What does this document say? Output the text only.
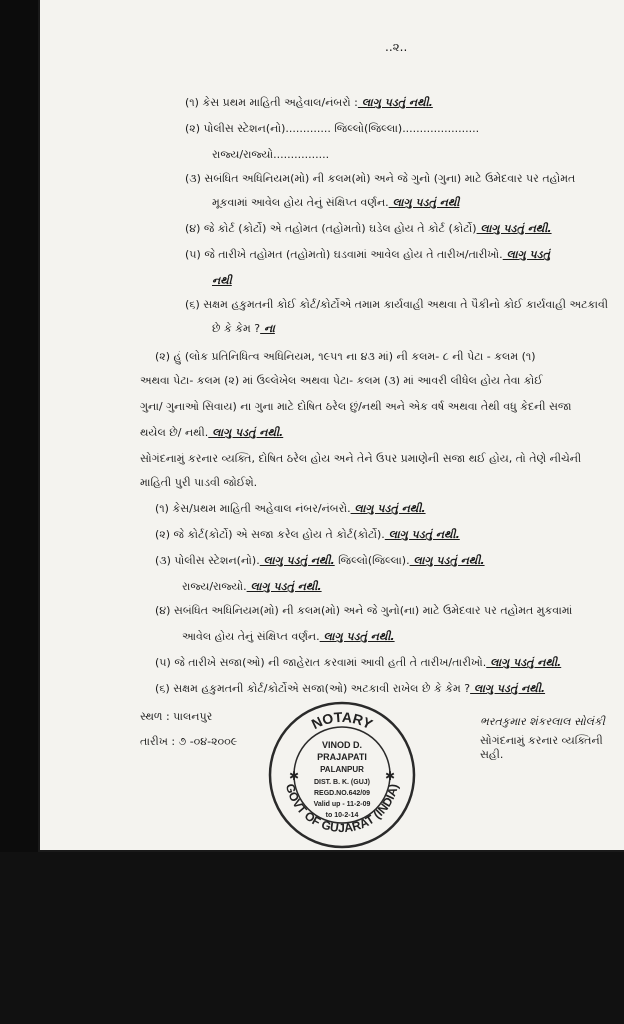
..૨..
(૧) કેસ પ્રથમ માહિતી અહેવાલ/નંબરો : લાગુ પડતું નથી.
(૨) પોલીસ સ્ટેશન(નો)............. જિલ્લો(જિલ્લા)......................
રાજ્ય/રાજ્યો................
(૩) સબંધિત અધિનિયમ(મો) ની કલમ(મો) અને જે ગુનો (ગુના) માટે ઉમેદવાર પર તહોમત
મૂકવામાં આવેલ હોય તેનું સંક્ષિપ્ત વર્ણન. લાગુ પડતું નથી
(૪) જે કોર્ટ (કોર્ટો) એ તહોમત (તહોમતો) ઘડેલ હોય તે કોર્ટ (કોર્ટો) લાગુ પડતું નથી.
(૫) જે તારીખે તહોમત (તહોમતો) ઘડવામાં આવેલ હોય તે તારીખ/તારીખો. લાગુ પડતું
નથી
(૬) સક્ષમ હકુમતની કોઈ કોર્ટ/કોર્ટોએ તમામ કાર્યવાહી અથવા તે પૈકીનો કોઈ કાર્યવાહી અટકાવી
છે કે કેમ ? ના
(૨) હું (લોક પ્રતિનિધિત્વ અધિનિયમ, ૧૯૫૧ ના ૪૩ માં) ની કલમ- ૮ ની પેટા - કલમ (૧)
અથવા પેટા- કલમ (૨) માં ઉલ્લેખેલ અથવા પેટા- કલમ (૩) માં આવરી લીધેલ હોય તેવા કોઈ
ગુના/ ગુનાઓ સિવાય) ના ગુના માટે દોષિત ઠરેલ છું/નથી અને એક વર્ષ અથવા તેથી વધુ કેદની સજા
થયેલ છે/ નથી. લાગુ પડતું નથી.
સોગંદનામું કરનાર વ્યક્તિ, દોષિત ઠરેલ હોય અને તેને ઉપર પ્રમાણેની સજા થઈ હોય, તો તેણે નીચેની
માહિતી પુરી પાડવી જોઈશે.
(૧) કેસ/પ્રથમ માહિતી અહેવાલ નંબર/નંબરો. લાગુ પડતું નથી.
(૨) જે કોર્ટ(કોર્ટો) એ સજા કરેલ હોય તે કોર્ટ(કોર્ટો). લાગુ પડતું નથી.
(૩) પોલીસ સ્ટેશન(નો). લાગુ પડતું નથી. જિલ્લો(જિલ્લા). લાગુ પડતું નથી.
રાજ્ય/રાજ્યો. લાગુ પડતું નથી.
(૪) સબંધિત અધિનિયમ(મો) ની કલમ(મો) અને જે ગુનો(ના) માટે ઉમેદવાર પર તહોમત મુકવામાં
આવેલ હોય તેનું સંક્ષિપ્ત વર્ણન. લાગુ પડતું નથી.
(૫) જે તારીખે સજા(ઓ) ની જાહેરાત કરવામાં આવી હતી તે તારીખ/તારીખો. લાગુ પડતું નથી.
(૬) સક્ષમ હકુમતની કોર્ટ/કોર્ટોએ સજા(ઓ) અટકાવી રાખેલ છે કે કેમ ? લાગુ પડતું નથી.
સ્થળ : પાલનપુર
તારીખ : ૭ -૦૪-૨૦૦૯
ભરતકુમાર શંકરલાલ સોલંકી
સોગંદનામું કરનાર વ્યક્તિની સહી.
NOTARY
GOVT OF GUJARAT (INDIA)
✱	✱
VINOD D.
PRAJAPATI
PALANPUR
DIST. B. K. (GUJ)
REGD.NO.642/09
Valid up - 11-2-09
to 10-2-14
